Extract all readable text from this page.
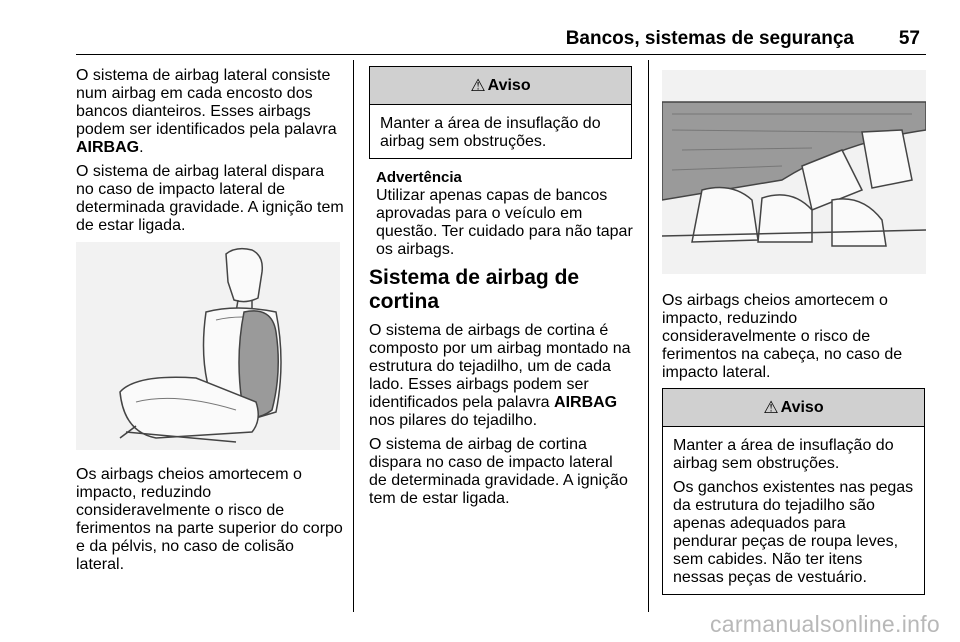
Bancos, sistemas de segurança 57

O sistema de airbag lateral consiste num airbag em cada encosto dos bancos dianteiros. Esses airbags podem ser identificados pela palavra AIRBAG.

O sistema de airbag lateral dispara no caso de impacto lateral de determinada gravidade. A ignição tem de estar ligada.

Os airbags cheios amortecem o impacto, reduzindo consideravelmente o risco de ferimentos na parte superior do corpo e da pélvis, no caso de colisão lateral.

⚠ Aviso

Manter a área de insuflação do airbag sem obstruções.

Advertência

Utilizar apenas capas de bancos aprovadas para o veículo em questão. Ter cuidado para não tapar os airbags.

Sistema de airbag de cortina

O sistema de airbags de cortina é composto por um airbag montado na estrutura do tejadilho, um de cada lado. Esses airbags podem ser identificados pela palavra AIRBAG nos pilares do tejadilho.

O sistema de airbag de cortina dispara no caso de impacto lateral de determinada gravidade. A ignição tem de estar ligada.

Os airbags cheios amortecem o impacto, reduzindo consideravelmente o risco de ferimentos na cabeça, no caso de impacto lateral.

⚠ Aviso

Manter a área de insuflação do airbag sem obstruções.

Os ganchos existentes nas pegas da estrutura do tejadilho são apenas adequados para pendurar peças de roupa leves, sem cabides. Não ter itens nessas peças de vestuário.

carmanualsonline.info
